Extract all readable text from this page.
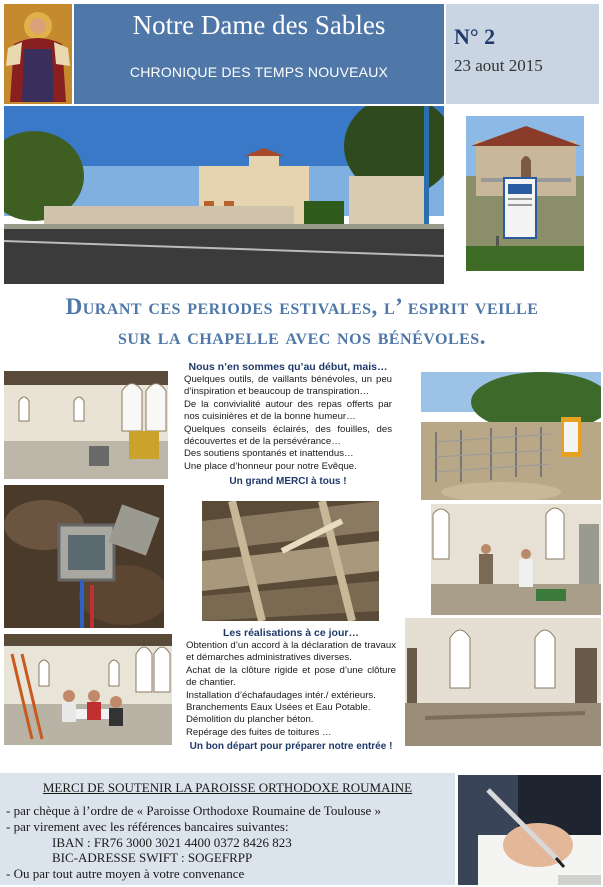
Notre Dame des Sables
CHRONIQUE DES TEMPS NOUVEAUX
N° 2
23 aout 2015
Durant ces periodes estivales, l’ esprit veille
sur la chapelle avec nos bénévoles.
Nous n’en sommes qu’au début, mais…
Quelques outils, de vaillants bénévoles, un peu d’inspiration et beaucoup de transpiration…
De la convivialité autour des repas offerts par nos cuisinières et de la bonne humeur…
Quelques conseils éclairés, des fouilles, des découvertes et de la persévérance…
Des soutiens spontanés et inattendus…
Une place d’honneur pour notre Evêque.
Un grand MERCI à tous !
Les réalisations à ce jour…
Obtention d’un accord à la déclaration de travaux et démarches administratives diverses.
Achat de la clôture rigide et pose d’une clôture de chantier.
Installation d’échafaudages intér./ extérieurs.
Branchements Eaux Usées et Eau Potable.
Démolition du plancher béton.
Repérage des fuites de toitures …
Un bon départ pour préparer notre entrée !
MERCI DE SOUTENIR LA PAROISSE ORTHODOXE ROUMAINE
- par chèque à l’ordre de « Paroisse Orthodoxe Roumaine de Toulouse »
- par virement avec les références bancaires suivantes:
IBAN : FR76 3000 3021 4400 0372 8426 823
BIC-ADRESSE SWIFT : SOGEFRPP
- Ou par tout autre moyen à votre convenance
